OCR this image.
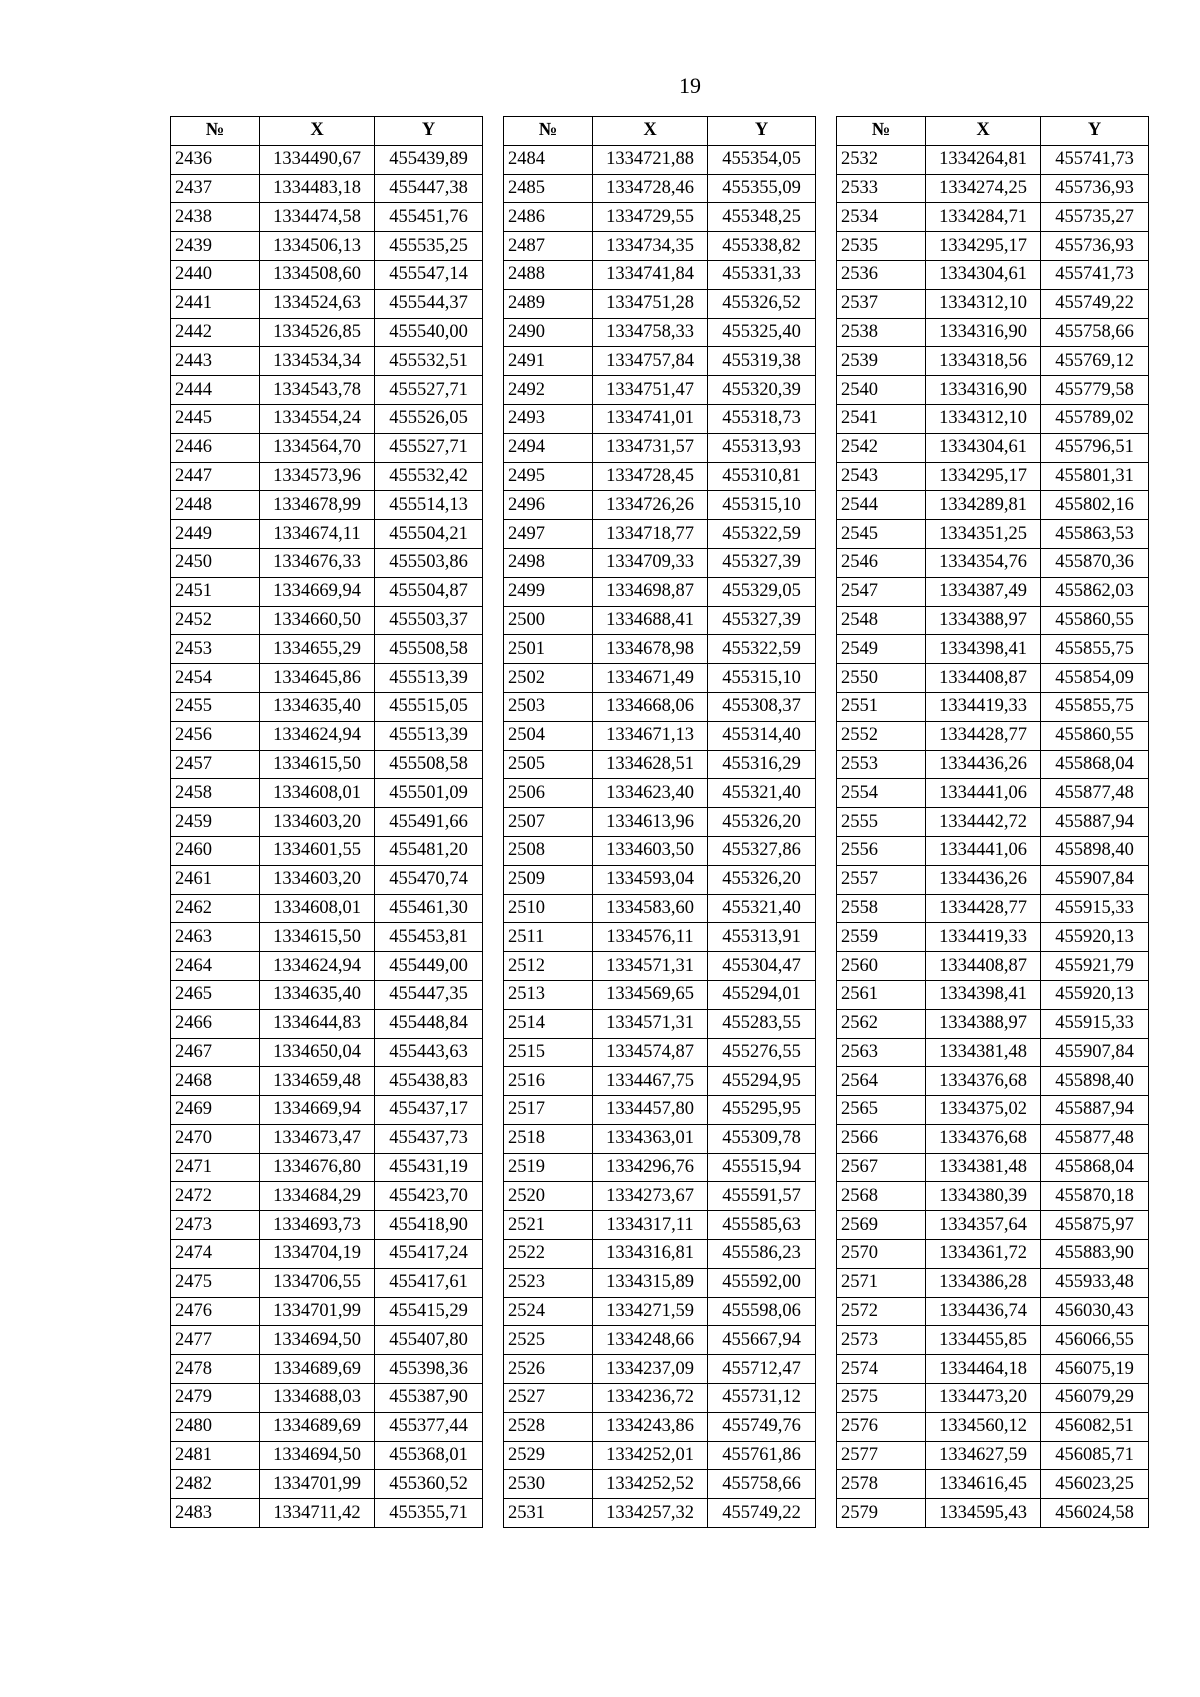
19
№	X	Y
2436	1334490,67	455439,89
2437	1334483,18	455447,38
2438	1334474,58	455451,76
2439	1334506,13	455535,25
2440	1334508,60	455547,14
2441	1334524,63	455544,37
2442	1334526,85	455540,00
2443	1334534,34	455532,51
2444	1334543,78	455527,71
2445	1334554,24	455526,05
2446	1334564,70	455527,71
2447	1334573,96	455532,42
2448	1334678,99	455514,13
2449	1334674,11	455504,21
2450	1334676,33	455503,86
2451	1334669,94	455504,87
2452	1334660,50	455503,37
2453	1334655,29	455508,58
2454	1334645,86	455513,39
2455	1334635,40	455515,05
2456	1334624,94	455513,39
2457	1334615,50	455508,58
2458	1334608,01	455501,09
2459	1334603,20	455491,66
2460	1334601,55	455481,20
2461	1334603,20	455470,74
2462	1334608,01	455461,30
2463	1334615,50	455453,81
2464	1334624,94	455449,00
2465	1334635,40	455447,35
2466	1334644,83	455448,84
2467	1334650,04	455443,63
2468	1334659,48	455438,83
2469	1334669,94	455437,17
2470	1334673,47	455437,73
2471	1334676,80	455431,19
2472	1334684,29	455423,70
2473	1334693,73	455418,90
2474	1334704,19	455417,24
2475	1334706,55	455417,61
2476	1334701,99	455415,29
2477	1334694,50	455407,80
2478	1334689,69	455398,36
2479	1334688,03	455387,90
2480	1334689,69	455377,44
2481	1334694,50	455368,01
2482	1334701,99	455360,52
2483	1334711,42	455355,71
№	X	Y
2484	1334721,88	455354,05
2485	1334728,46	455355,09
2486	1334729,55	455348,25
2487	1334734,35	455338,82
2488	1334741,84	455331,33
2489	1334751,28	455326,52
2490	1334758,33	455325,40
2491	1334757,84	455319,38
2492	1334751,47	455320,39
2493	1334741,01	455318,73
2494	1334731,57	455313,93
2495	1334728,45	455310,81
2496	1334726,26	455315,10
2497	1334718,77	455322,59
2498	1334709,33	455327,39
2499	1334698,87	455329,05
2500	1334688,41	455327,39
2501	1334678,98	455322,59
2502	1334671,49	455315,10
2503	1334668,06	455308,37
2504	1334671,13	455314,40
2505	1334628,51	455316,29
2506	1334623,40	455321,40
2507	1334613,96	455326,20
2508	1334603,50	455327,86
2509	1334593,04	455326,20
2510	1334583,60	455321,40
2511	1334576,11	455313,91
2512	1334571,31	455304,47
2513	1334569,65	455294,01
2514	1334571,31	455283,55
2515	1334574,87	455276,55
2516	1334467,75	455294,95
2517	1334457,80	455295,95
2518	1334363,01	455309,78
2519	1334296,76	455515,94
2520	1334273,67	455591,57
2521	1334317,11	455585,63
2522	1334316,81	455586,23
2523	1334315,89	455592,00
2524	1334271,59	455598,06
2525	1334248,66	455667,94
2526	1334237,09	455712,47
2527	1334236,72	455731,12
2528	1334243,86	455749,76
2529	1334252,01	455761,86
2530	1334252,52	455758,66
2531	1334257,32	455749,22
№	X	Y
2532	1334264,81	455741,73
2533	1334274,25	455736,93
2534	1334284,71	455735,27
2535	1334295,17	455736,93
2536	1334304,61	455741,73
2537	1334312,10	455749,22
2538	1334316,90	455758,66
2539	1334318,56	455769,12
2540	1334316,90	455779,58
2541	1334312,10	455789,02
2542	1334304,61	455796,51
2543	1334295,17	455801,31
2544	1334289,81	455802,16
2545	1334351,25	455863,53
2546	1334354,76	455870,36
2547	1334387,49	455862,03
2548	1334388,97	455860,55
2549	1334398,41	455855,75
2550	1334408,87	455854,09
2551	1334419,33	455855,75
2552	1334428,77	455860,55
2553	1334436,26	455868,04
2554	1334441,06	455877,48
2555	1334442,72	455887,94
2556	1334441,06	455898,40
2557	1334436,26	455907,84
2558	1334428,77	455915,33
2559	1334419,33	455920,13
2560	1334408,87	455921,79
2561	1334398,41	455920,13
2562	1334388,97	455915,33
2563	1334381,48	455907,84
2564	1334376,68	455898,40
2565	1334375,02	455887,94
2566	1334376,68	455877,48
2567	1334381,48	455868,04
2568	1334380,39	455870,18
2569	1334357,64	455875,97
2570	1334361,72	455883,90
2571	1334386,28	455933,48
2572	1334436,74	456030,43
2573	1334455,85	456066,55
2574	1334464,18	456075,19
2575	1334473,20	456079,29
2576	1334560,12	456082,51
2577	1334627,59	456085,71
2578	1334616,45	456023,25
2579	1334595,43	456024,58
